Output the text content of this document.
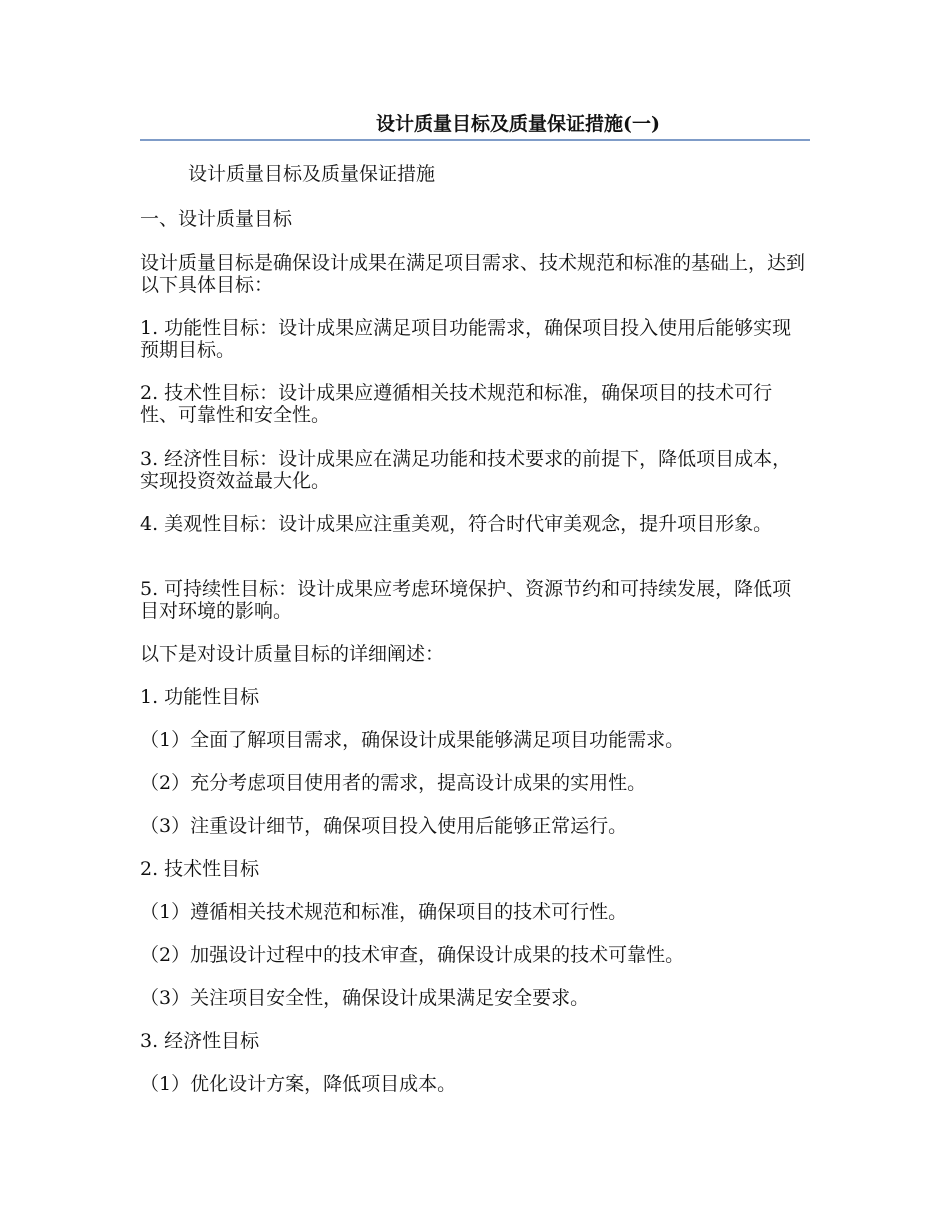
设计质量目标及质量保证措施(一)

设计质量目标及质量保证措施

一、设计质量目标

设计质量目标是确保设计成果在满足项目需求、技术规范和标准的基础上，达到以下具体目标：

1. 功能性目标：设计成果应满足项目功能需求，确保项目投入使用后能够实现预期目标。

2. 技术性目标：设计成果应遵循相关技术规范和标准，确保项目的技术可行性、可靠性和安全性。

3. 经济性目标：设计成果应在满足功能和技术要求的前提下，降低项目成本，实现投资效益最大化。

4. 美观性目标：设计成果应注重美观，符合时代审美观念，提升项目形象。

5. 可持续性目标：设计成果应考虑环境保护、资源节约和可持续发展，降低项目对环境的影响。

以下是对设计质量目标的详细阐述：

1. 功能性目标

（1）全面了解项目需求，确保设计成果能够满足项目功能需求。

（2）充分考虑项目使用者的需求，提高设计成果的实用性。

（3）注重设计细节，确保项目投入使用后能够正常运行。

2. 技术性目标

（1）遵循相关技术规范和标准，确保项目的技术可行性。

（2）加强设计过程中的技术审查，确保设计成果的技术可靠性。

（3）关注项目安全性，确保设计成果满足安全要求。

3. 经济性目标

（1）优化设计方案，降低项目成本。
